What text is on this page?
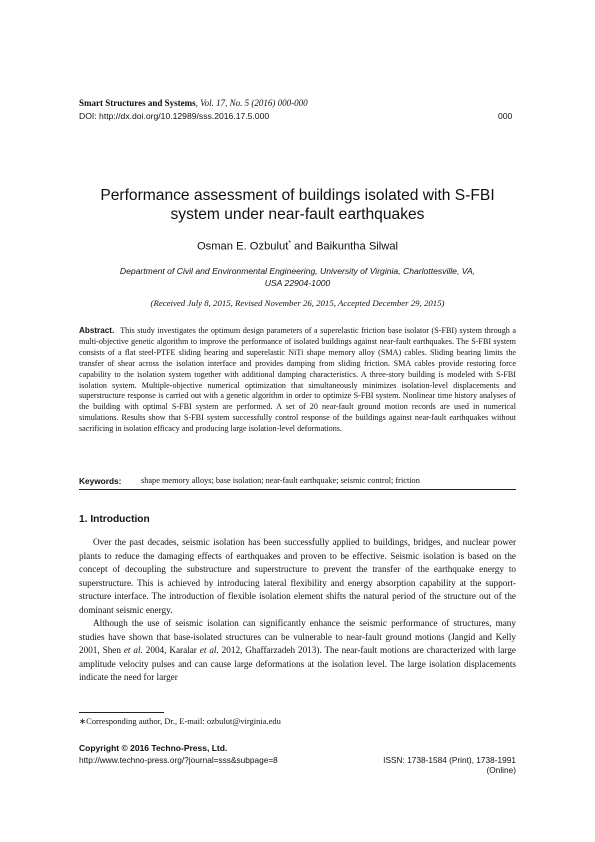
Smart Structures and Systems, Vol. 17, No. 5 (2016) 000-000
DOI: http://dx.doi.org/10.12989/sss.2016.17.5.000	000
Performance assessment of buildings isolated with S-FBI
system under near-fault earthquakes
Osman E. Ozbulut* and Baikuntha Silwal
Department of Civil and Environmental Engineering, University of Virginia, Charlottesville, VA,
USA 22904-1000
(Received July 8, 2015, Revised November 26, 2015, Accepted December 29, 2015)
Abstract. This study investigates the optimum design parameters of a superelastic friction base isolator (S-FBI) system through a multi-objective genetic algorithm to improve the performance of isolated buildings against near-fault earthquakes. The S-FBI system consists of a flat steel-PTFE sliding bearing and superelastic NiTi shape memory alloy (SMA) cables. Sliding bearing limits the transfer of shear across the isolation interface and provides damping from sliding friction. SMA cables provide restoring force capability to the isolation system together with additional damping characteristics. A three-story building is modeled with S-FBI isolation system. Multiple-objective numerical optimization that simultaneously minimizes isolation-level displacements and superstructure response is carried out with a genetic algorithm in order to optimize S-FBI system. Nonlinear time history analyses of the building with optimal S-FBI system are performed. A set of 20 near-fault ground motion records are used in numerical simulations. Results show that S-FBI system successfully control response of the buildings against near-fault earthquakes without sacrificing in isolation efficacy and producing large isolation-level deformations.
Keywords: shape memory alloys; base isolation; near-fault earthquake; seismic control; friction
1. Introduction

Over the past decades, seismic isolation has been successfully applied to buildings, bridges, and nuclear power plants to reduce the damaging effects of earthquakes and proven to be effective. Seismic isolation is based on the concept of decoupling the substructure and superstructure to prevent the transfer of the earthquake energy to superstructure. This is achieved by introducing lateral flexibility and energy absorption capability at the support-structure interface. The introduction of flexible isolation element shifts the natural period of the structure out of the dominant seismic energy.

Although the use of seismic isolation can significantly enhance the seismic performance of structures, many studies have shown that base-isolated structures can be vulnerable to near-fault ground motions (Jangid and Kelly 2001, Shen et al. 2004, Karalar et al. 2012, Ghaffarzadeh 2013). The near-fault motions are characterized with large amplitude velocity pulses and can cause large deformations at the isolation level. The large isolation displacements indicate the need for larger

∗Corresponding author, Dr., E-mail: ozbulut@virginia.edu
Copyright © 2016 Techno-Press, Ltd.
http://www.techno-press.org/?journal=sss&subpage=8	ISSN: 1738-1584 (Print), 1738-1991 (Online)
